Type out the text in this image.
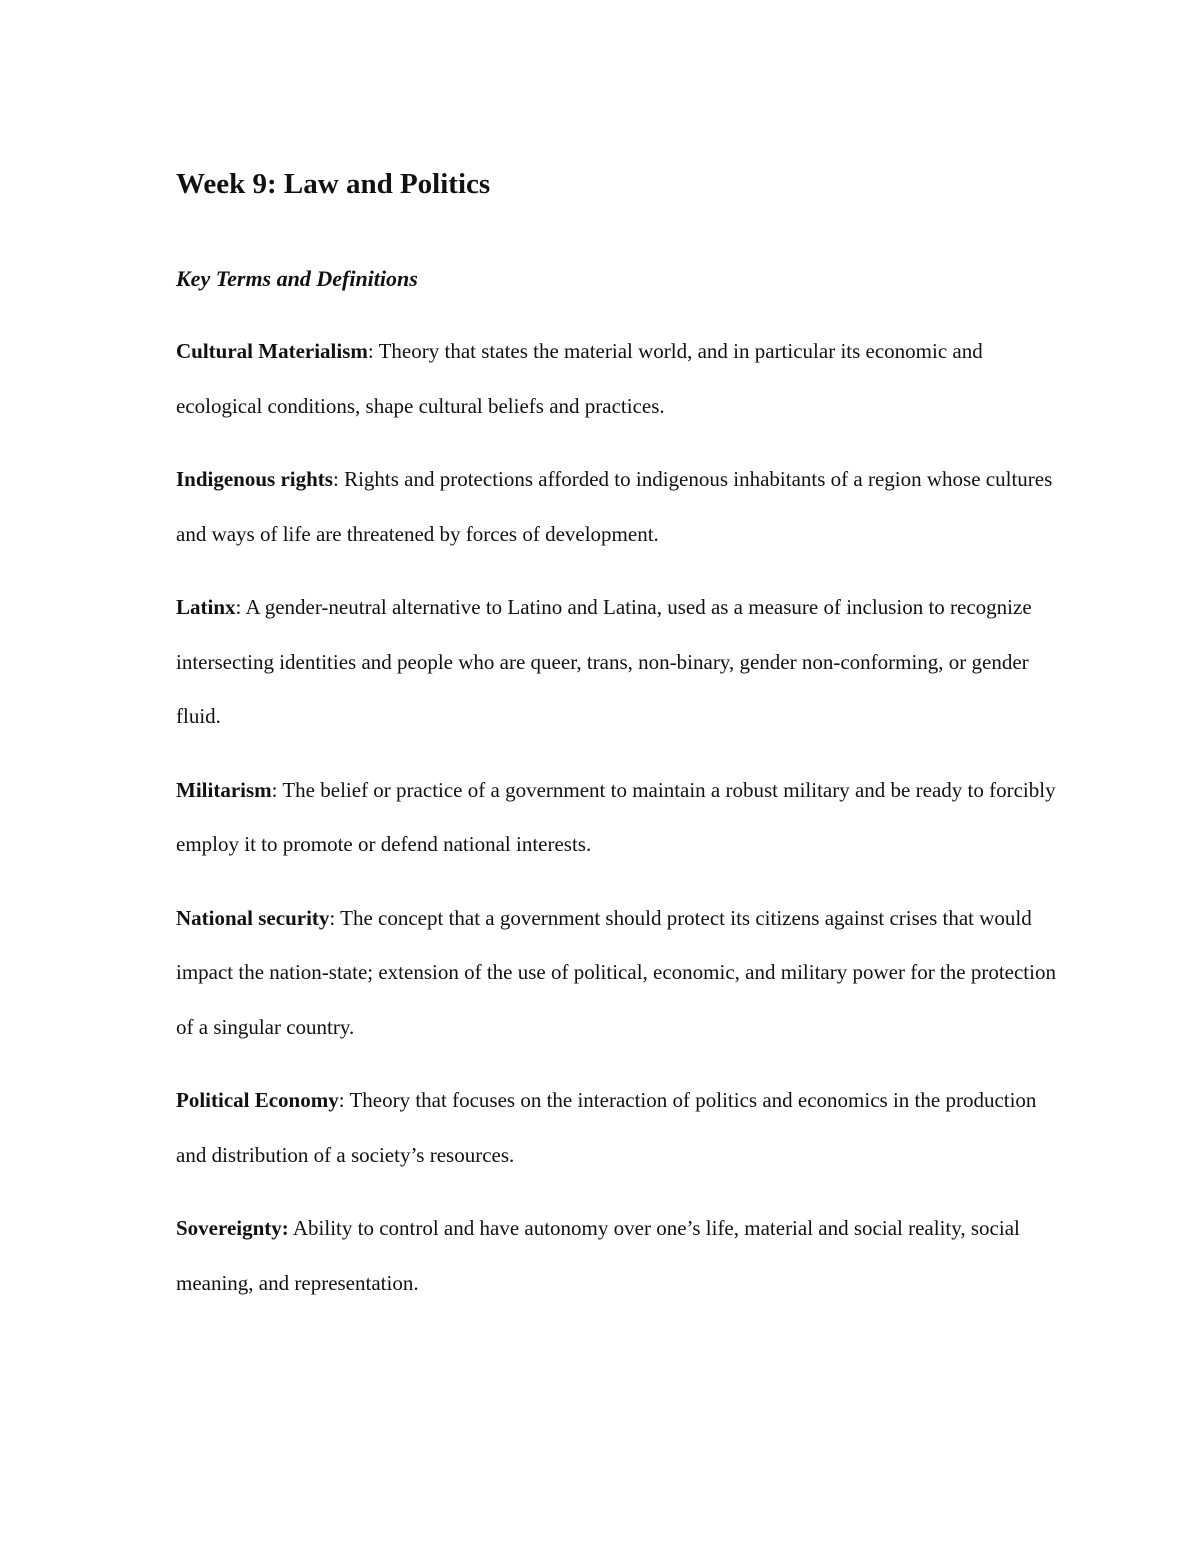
Week 9: Law and Politics
Key Terms and Definitions

Cultural Materialism: Theory that states the material world, and in particular its economic and ecological conditions, shape cultural beliefs and practices.

Indigenous rights: Rights and protections afforded to indigenous inhabitants of a region whose cultures and ways of life are threatened by forces of development.

Latinx: A gender-neutral alternative to Latino and Latina, used as a measure of inclusion to recognize intersecting identities and people who are queer, trans, non-binary, gender non-conforming, or gender fluid.

Militarism: The belief or practice of a government to maintain a robust military and be ready to forcibly employ it to promote or defend national interests.

National security: The concept that a government should protect its citizens against crises that would impact the nation-state; extension of the use of political, economic, and military power for the protection of a singular country.

Political Economy: Theory that focuses on the interaction of politics and economics in the production and distribution of a society’s resources.

Sovereignty: Ability to control and have autonomy over one’s life, material and social reality, social meaning, and representation.
